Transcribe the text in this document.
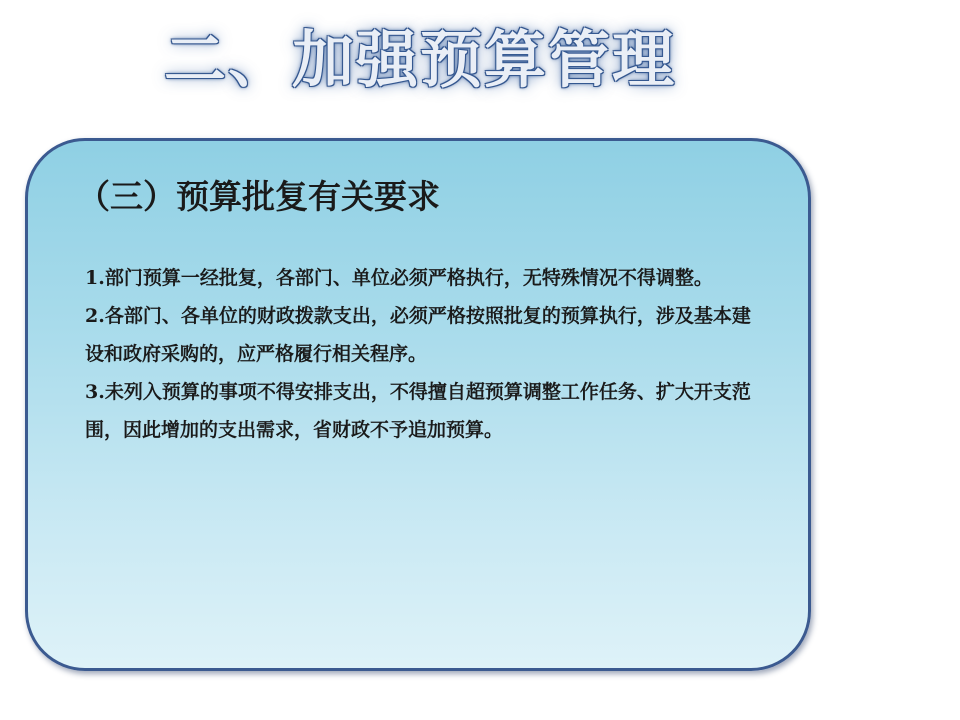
二、加强预算管理
（三）预算批复有关要求
1.部门预算一经批复，各部门、单位必须严格执行，无特殊情况不得调整。
2.各部门、各单位的财政拨款支出，必须严格按照批复的预算执行，涉及基本建设和政府采购的，应严格履行相关程序。
3.未列入预算的事项不得安排支出，不得擅自超预算调整工作任务、扩大开支范围，因此增加的支出需求，省财政不予追加预算。
